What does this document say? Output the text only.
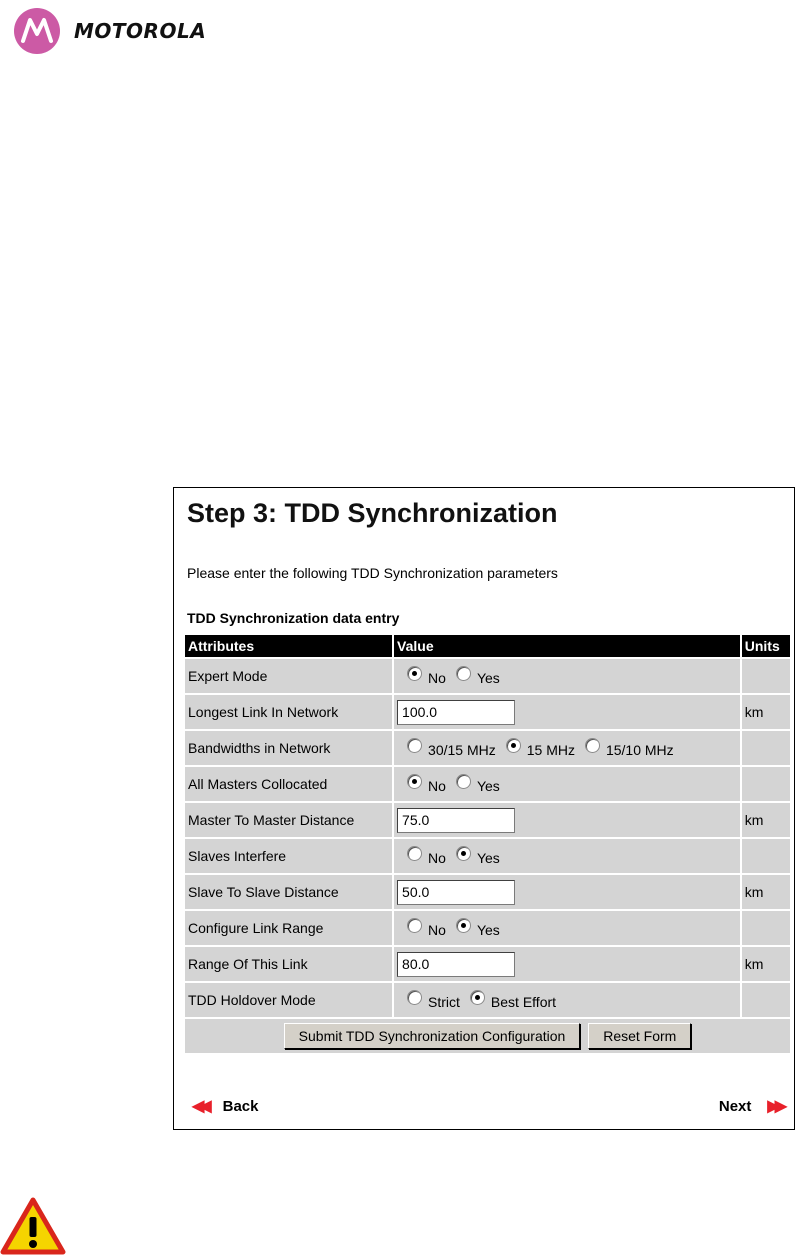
MOTOROLA
Step 3: TDD Synchronization
Please enter the following TDD Synchronization parameters
TDD Synchronization data entry
Attributes	Value	Units
Expert Mode	No Yes	

Longest Link In Network	100.0	km
Bandwidths in Network	30/15 MHz 15 MHz 15/10 MHz	

All Masters Collocated	No Yes	

Master To Master Distance	75.0	km
Slaves Interfere	No Yes	

Slave To Slave Distance	50.0	km
Configure Link Range	No Yes	

Range Of This Link	80.0	km
TDD Holdover Mode	Strict Best Effort	

Submit TDD Synchronization Configuration Reset Form		
◀◀ Back	Next ▶▶
